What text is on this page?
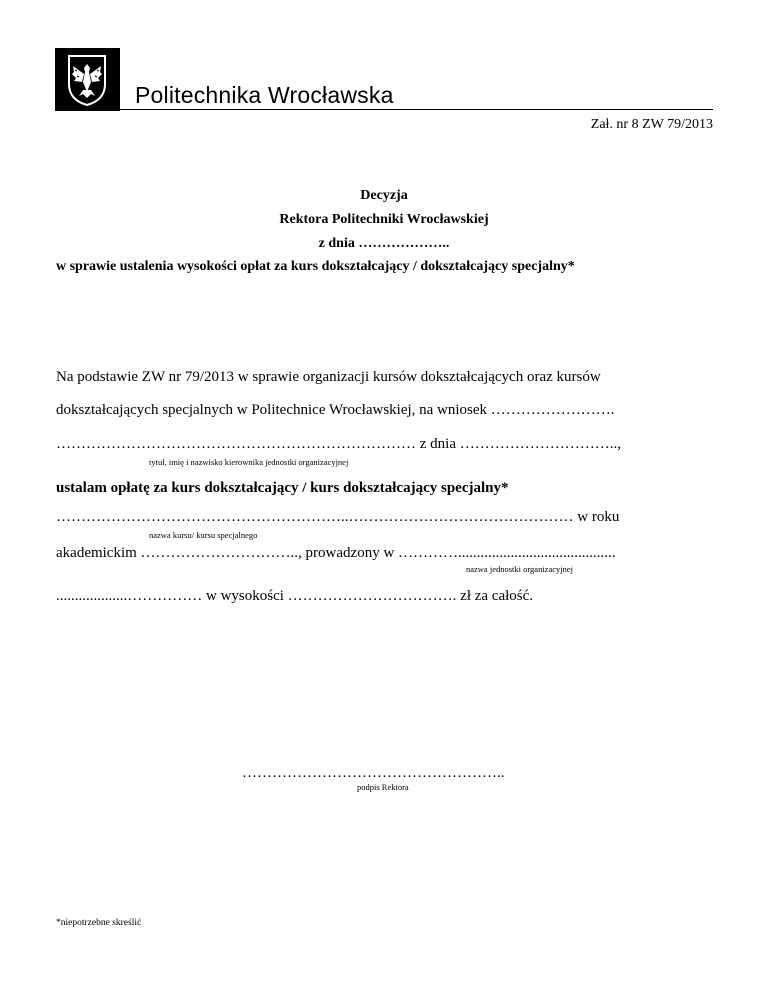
Politechnika Wrocławska
Zał. nr 8 ZW 79/2013
Decyzja
Rektora Politechniki Wrocławskiej
z dnia ………………..
w sprawie ustalenia wysokości opłat za kurs dokształcający / dokształcający specjalny*
Na podstawie ZW nr 79/2013 w sprawie organizacji kursów dokształcających oraz kursów
dokształcających specjalnych w Politechnice Wrocławskiej, na wniosek …………………….
……………………………………………………………… z dnia …………………………..,
tytuł, imię i nazwisko kierownika jednostki organizacyjnej
ustalam opłatę za kurs dokształcający / kurs dokształcający specjalny*
…………………………………………………..……………………………………… w roku
nazwa kursu/ kursu specjalnego
akademickim ………………………….., prowadzony w …………..........................................
nazwa jednostki organizacyjnej
...................…………… w wysokości ……………………………. zł za całość.
……………………………………………..
podpis Rektora
*niepotrzebne skreślić
